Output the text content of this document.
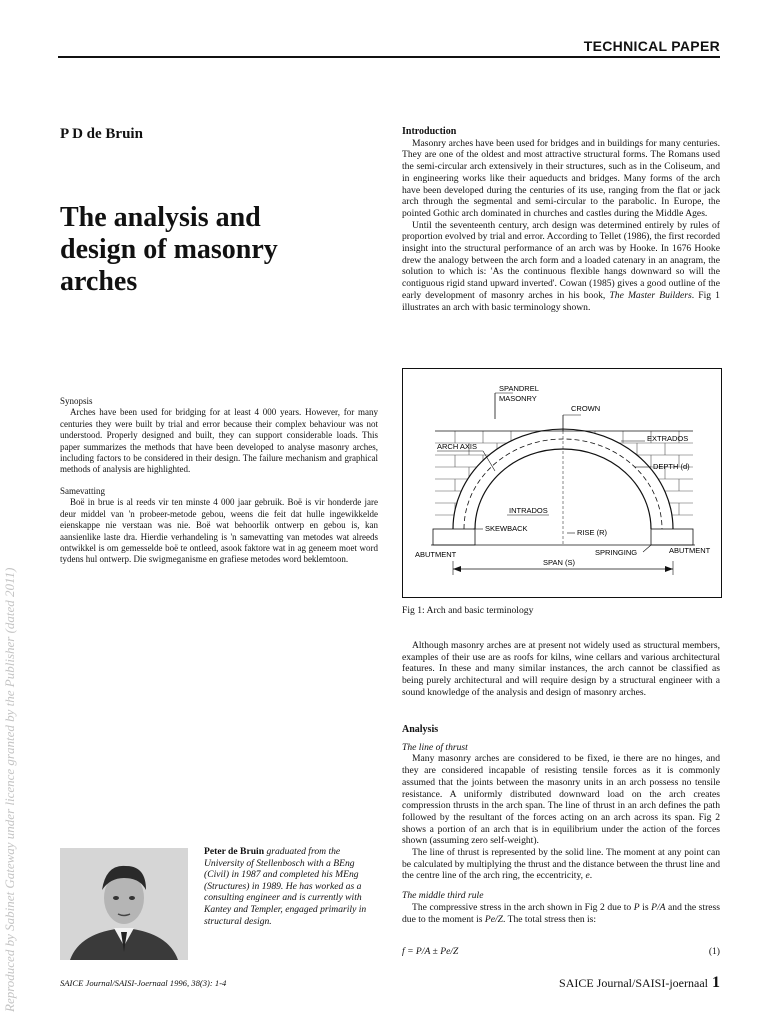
TECHNICAL PAPER
P D de Bruin
The analysis and
design of masonry
arches

Synopsis

Arches have been used for bridging for at least 4 000 years. However, for many centuries they were built by trial and error because their complex behaviour was not understood. Properly designed and built, they can support considerable loads. This paper summarizes the methods that have been developed to analyse masonry arches, including factors to be considered in their design. The failure mechanism and graphical methods of analysis are highlighted.

Samevatting

Boë in brue is al reeds vir ten minste 4 000 jaar gebruik. Boë is vir honderde jare deur middel van 'n probeer-metode gebou, weens die feit dat hulle ingewikkelde eienskappe nie verstaan was nie. Boë wat behoorlik ontwerp en gebou is, kan aansienlike laste dra. Hierdie verhandeling is 'n samevatting van metodes wat alreeds ontwikkel is om gemesselde boë te ontleed, asook faktore wat in ag geneem moet word tydens hul ontwerp. Die swigmeganisme en grafiese metodes word beklemtoon.

Introduction

Masonry arches have been used for bridges and in buildings for many centuries. They are one of the oldest and most attractive structural forms. The Romans used the semi-circular arch extensively in their structures, such as in the Coliseum, and in engineering works like their aqueducts and bridges. Many forms of the arch have been developed during the centuries of its use, ranging from the flat or jack arch through the segmental and semi-circular to the parabolic. In Europe, the pointed Gothic arch dominated in churches and castles during the Middle Ages.

Until the seventeenth century, arch design was determined entirely by rules of proportion evolved by trial and error. According to Tellet (1986), the first recorded insight into the structural performance of an arch was by Hooke. In 1676 Hooke drew the analogy between the arch form and a loaded catenary in an anagram, the solution to which is: 'As the continuous flexible hangs downward so will the contiguous rigid stand upward inverted'. Cowan (1985) gives a good outline of the early development of masonry arches in his book, The Master Builders. Fig 1 illustrates an arch with basic terminology shown.

SPANDREL
MASONRY
CROWN
EXTRADOS
ARCH AXIS
DEPTH (d)
INTRADOS
SKEWBACK	RISE (R)
ABUTMENT	SPRINGING	ABUTMENT
SPAN (S)
Fig 1: Arch and basic terminology

Although masonry arches are at present not widely used as structural members, examples of their use are as roofs for kilns, wine cellars and various architectural features. In these and many similar instances, the arch cannot be classified as being purely architectural and will require design by a structural engineer with a sound knowledge of the analysis and design of masonry arches.

Analysis

The line of thrust

Many masonry arches are considered to be fixed, ie there are no hinges, and they are considered incapable of resisting tensile forces as it is commonly assumed that the joints between the masonry units in an arch possess no tensile resistance. A uniformly distributed downward load on the arch creates compression thrusts in the arch span. The line of thrust in an arch defines the path followed by the resultant of the forces acting on an arch across its span. Fig 2 shows a portion of an arch that is in equilibrium under the action of the forces shown (assuming zero self-weight).

The line of thrust is represented by the solid line. The moment at any point can be calculated by multiplying the thrust and the distance between the thrust line and the centre line of the arch ring, the eccentricity, e.

The middle third rule

The compressive stress in the arch shown in Fig 2 due to P is P/A and the stress due to the moment is Pe/Z. The total stress then is:

f = P/A ± Pe/Z	(1)
Peter de Bruin graduated from the University of Stellenbosch with a BEng (Civil) in 1987 and completed his MEng (Structures) in 1989. He has worked as a consulting engineer and is currently with Kantey and Templer, engaged primarily in structural design.
SAICE Journal/SAISI-Joernaal 1996, 38(3): 1-4	SAICE Journal/SAISI-joernaal 1
Reproduced by Sabinet Gateway under licence granted by the Publisher (dated 2011)
